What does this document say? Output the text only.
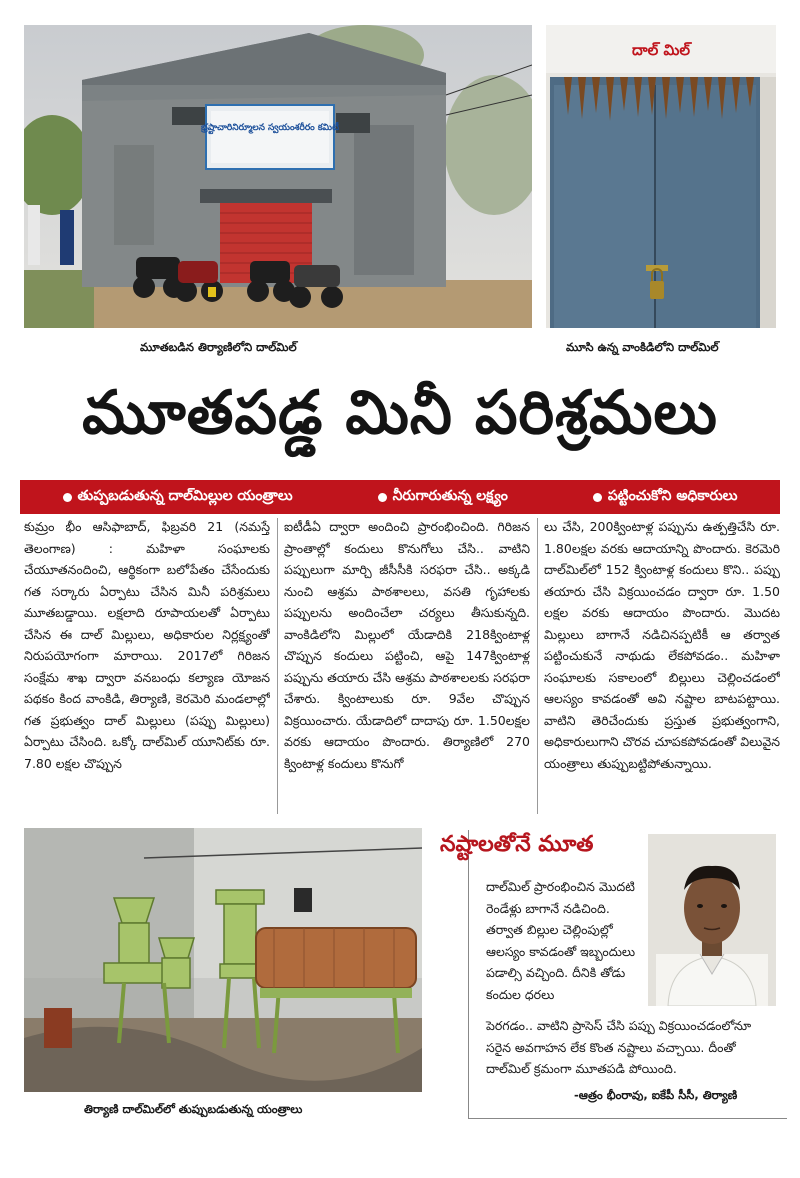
భ్రష్టాచారినిర్మూలన స్వయంశరీరం కమిటీ
మూతబడిన తిర్యాణిలోని దాల్‌మిల్
దాల్ మిల్
మూసి ఉన్న వాంకిడిలోని దాల్‌మిల్
మూతపడ్డ మినీ పరిశ్రమలు
తుప్పబడుతున్న దాల్‌మిల్లుల యంత్రాలు	నీరుగారుతున్న లక్ష్యం	పట్టించుకోని అధికారులు

కుమ్రం భీం ఆసిఫాబాద్, ఫిబ్రవరి 21 (నమస్తే తెలంగాణ) : మహిళా సంఘాలకు చేయూతనందించి, ఆర్థికంగా బలోపేతం చేసేందుకు గత సర్కారు ఏర్పాటు చేసిన మినీ పరిశ్రమలు మూతబడ్డాయి. లక్షలాది రూపాయలతో ఏర్పాటు చేసిన ఈ దాల్ మిల్లులు, అధికారుల నిర్లక్ష్యంతో నిరుపయోగంగా మారాయి. 2017లో గిరిజన సంక్షేమ శాఖ ద్వారా వనబంధు కల్యాణ యోజన పథకం కింద వాంకిడి, తిర్యాణి, కెరమెరి మండలాల్లో గత ప్రభుత్వం దాల్ మిల్లులు (పప్పు మిల్లులు) ఏర్పాటు చేసింది. ఒక్కో దాల్‌మిల్ యూనిట్‌కు రూ. 7.80 లక్షల చొప్పున

ఐటీడీఏ ద్వారా అందించి ప్రారంభించింది. గిరిజన ప్రాంతాల్లో కందులు కొనుగోలు చేసి.. వాటిని పప్పులుగా మార్చి జీసీసీకి సరఫరా చేసి.. అక్కడి నుంచి ఆశ్రమ పాఠశాలలు, వసతి గృహాలకు పప్పులను అందించేలా చర్యలు తీసుకున్నది. వాంకిడిలోని మిల్లులో యేడాదికి 218క్వింటాళ్ల చొప్పున కందులు పట్టించి, ఆపై 147క్వింటాళ్ల పప్పును తయారు చేసి ఆశ్రమ పాఠశాలలకు సరఫరా చేశారు. క్వింటాలుకు రూ. 9వేల చొప్పున విక్రయించారు. యేడాదిలో దాదాపు రూ. 1.50లక్షల వరకు ఆదాయం పొందారు. తిర్యాణిలో 270 క్వింటాళ్ల కందులు కొనుగో

లు చేసి, 200క్వింటాళ్ల పప్పును ఉత్పత్తిచేసి రూ. 1.80లక్షల వరకు ఆదాయాన్ని పొందారు. కెరమెరి దాల్‌మిల్‌లో 152 క్వింటాళ్ల కందులు కొని.. పప్పు తయారు చేసి విక్రయించడం ద్వారా రూ. 1.50 లక్షల వరకు ఆదాయం పొందారు. మొదట మిల్లులు బాగానే నడిచినప్పటికీ ఆ తర్వాత పట్టించుకునే నాథుడు లేకపోవడం.. మహిళా సంఘాలకు సకాలంలో బిల్లులు చెల్లించడంలో ఆలస్యం కావడంతో అవి నష్టాల బాటపట్టాయి. వాటిని తెరిచేందుకు ప్రస్తుత ప్రభుత్వంగాని, అధికారులుగాని చొరవ చూపకపోవడంతో విలువైన యంత్రాలు తుప్పుబట్టిపోతున్నాయి.

తిర్యాణి దాల్‌మిల్‌లో తుప్పుబడుతున్న యంత్రాలు
నష్టాలతోనే మూత
దాల్‌మిల్ ప్రారంభించిన మొదటి రెండేళ్లు బాగానే నడిచింది. తర్వాత బిల్లుల చెల్లింపుల్లో ఆలస్యం కావడంతో ఇబ్బందులు పడాల్సి వచ్చింది. దీనికి తోడు కందుల ధరలు
పెరగడం.. వాటిని ప్రాసెస్ చేసి పప్పు విక్రయించడంలోనూ సరైన అవగాహన లేక కొంత నష్టాలు వచ్చాయి. దీంతో దాల్‌మిల్ క్రమంగా మూతపడి పోయింది.
-ఆత్రం భీంరావు, ఐకేపీ సీసీ, తిర్యాణి
